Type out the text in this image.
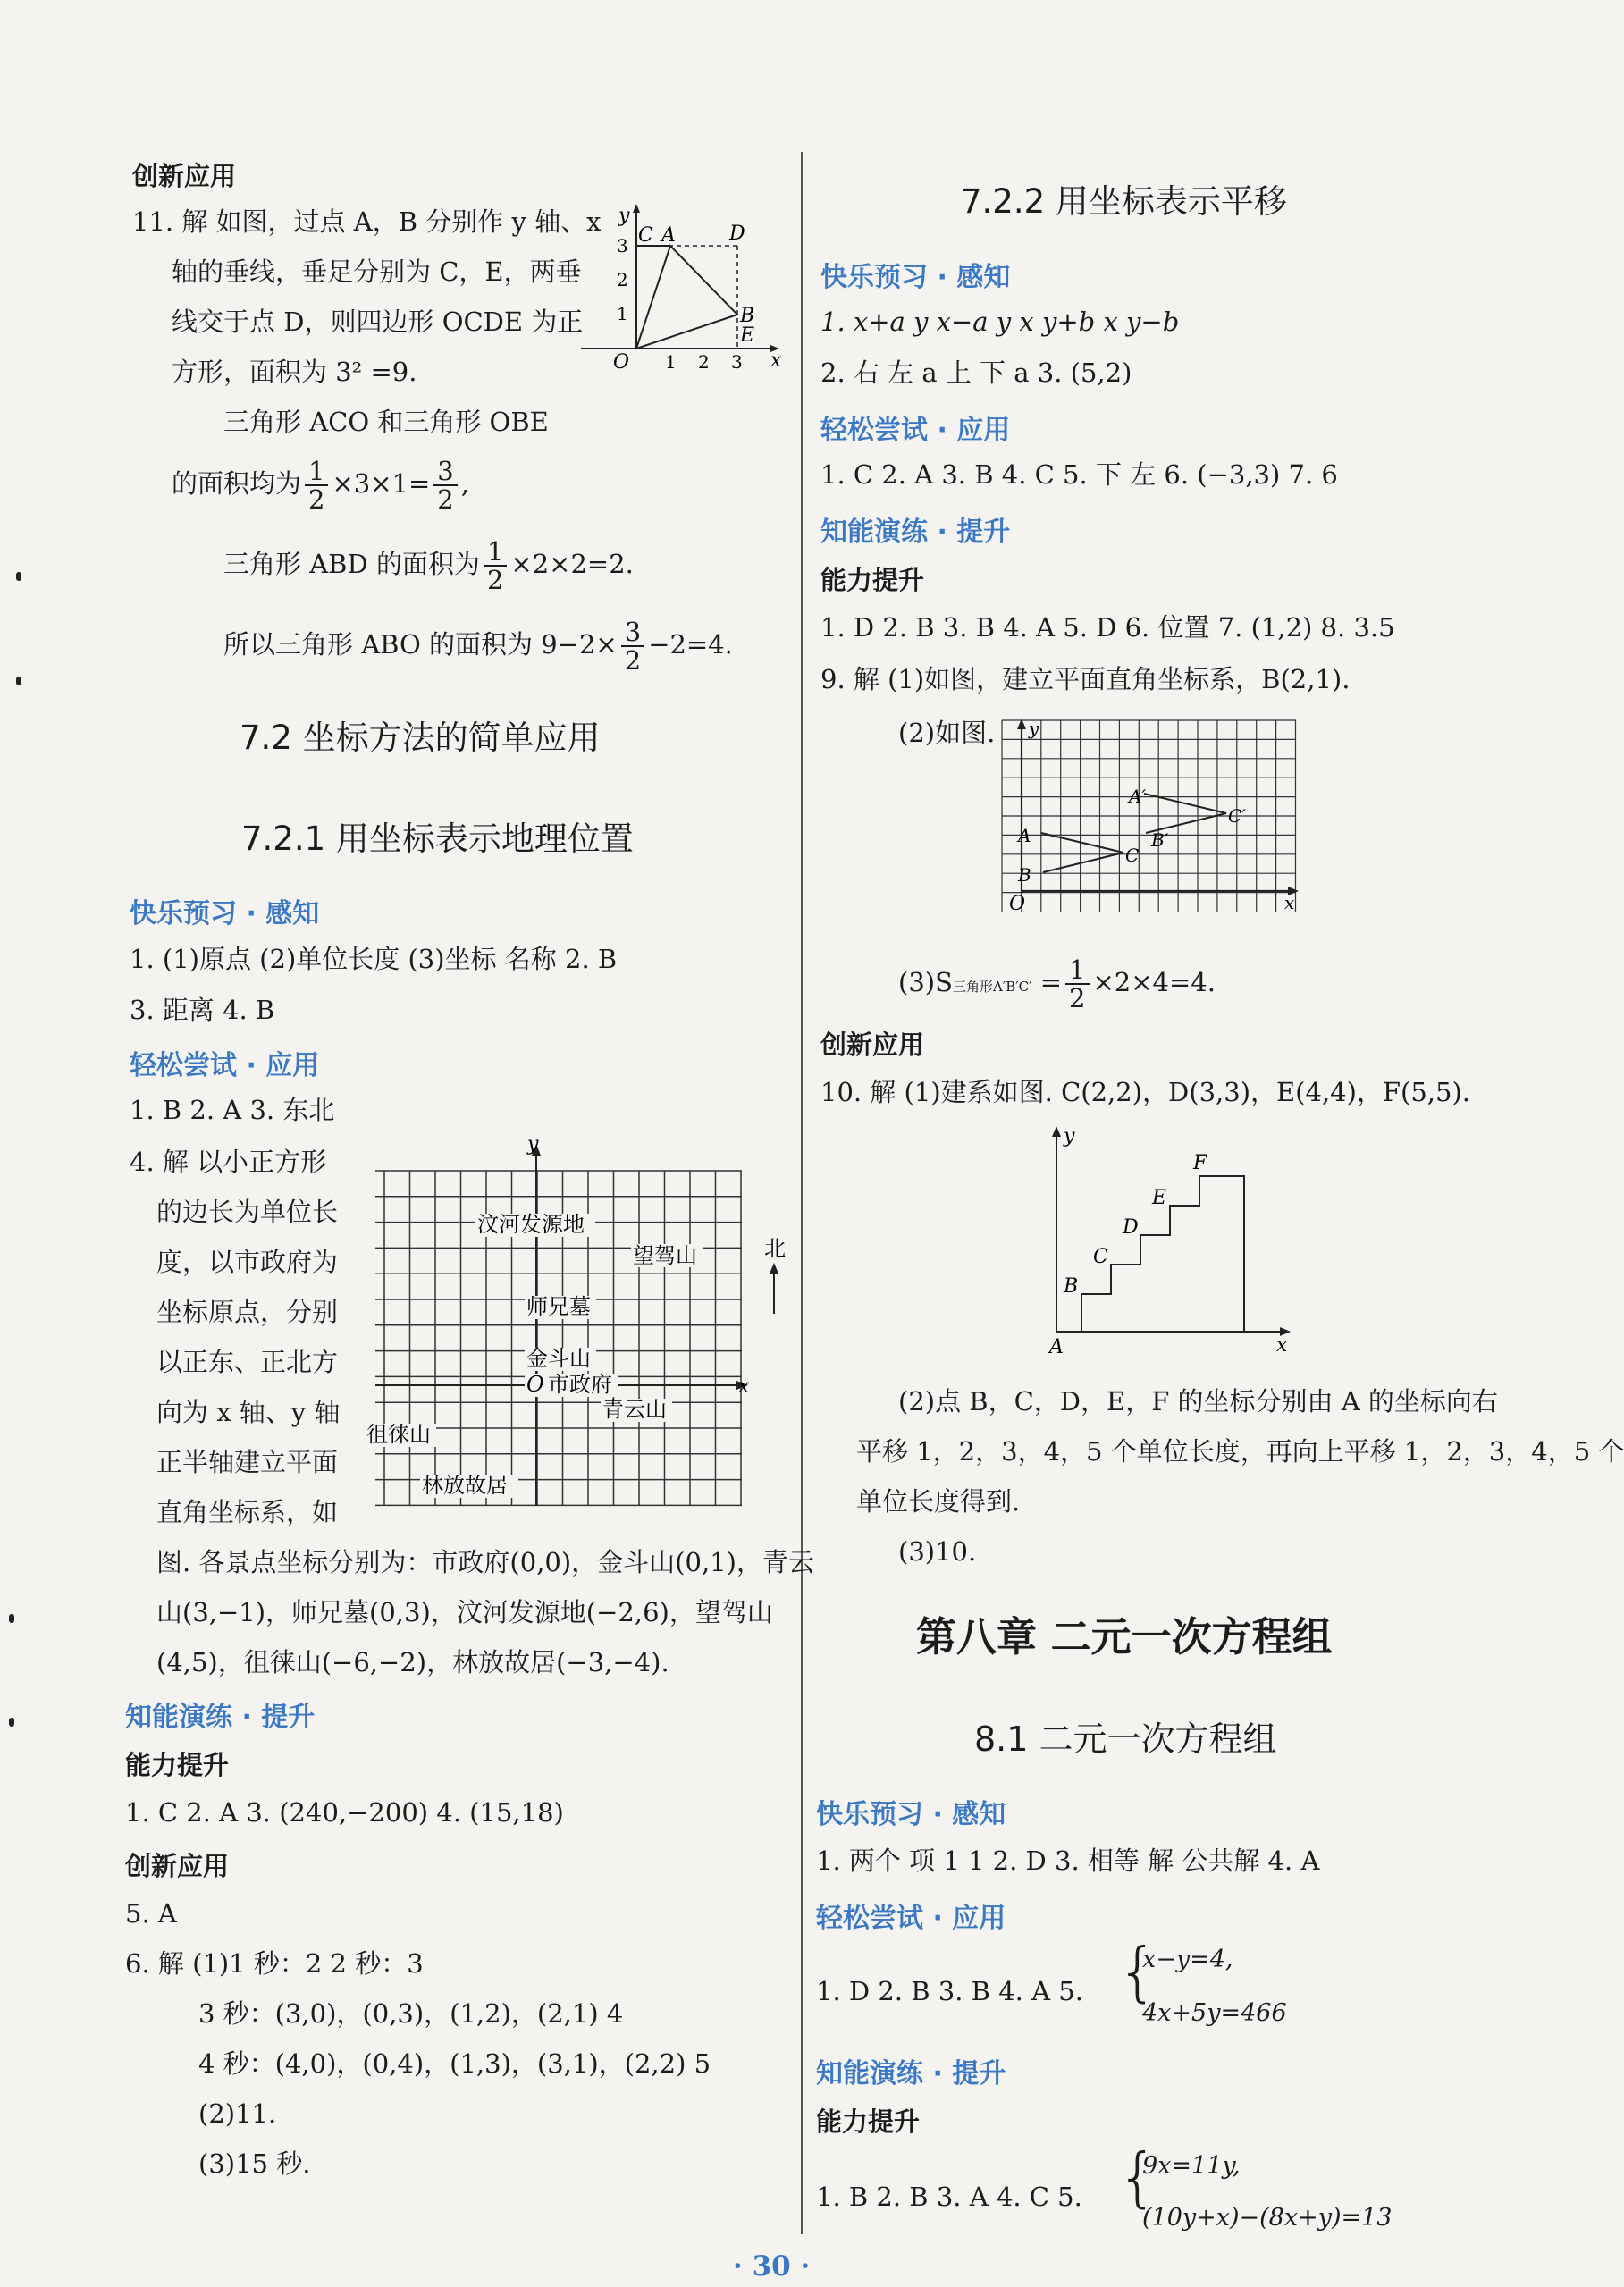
创新应用
11. 解 如图，过点 A，B 分别作 y 轴、x
轴的垂线，垂足分别为 C，E，两垂
线交于点 D，则四边形 OCDE 为正
方形，面积为 3² =9.
三角形 ACO 和三角形 OBE
的面积均为 $\frac{1}{2} \times 3\times 1= \frac{3}{2}$ ,
三角形 ABD 的面积为 $\frac{1}{2} \times 2\times 2=2$.
所以三角形 ABO 的面积为 $9-2\times \frac{3}{2} -2=4$.
y
x
C A	D
B
E
O
3
2
1
1 2 3
7.2 坐标方法的简单应用
7.2.1 用坐标表示地理位置
快乐预习 · 感知
1. (1)原点 (2)单位长度 (3)坐标 名称 2. B
3. 距离 4. B
轻松尝试 · 应用
1. B 2. A 3. 东北
4. 解 以小正方形
的边长为单位长
度，以市政府为
坐标原点，分别
以正东、正北方
向为 x 轴、y 轴
正半轴建立平面
直角坐标系，如
y
x
北
汶河发源地
望驾山
师兄墓
金斗山
O 市政府
青云山
徂徕山
林放故居
图. 各景点坐标分别为：市政府(0,0)，金斗山(0,1)，青云
山(3,−1)，师兄墓(0,3)，汶河发源地(−2,6)，望驾山
(4,5)，徂徕山(−6,−2)，林放故居(−3,−4).
知能演练 · 提升
能力提升
1. C 2. A 3. (240,−200) 4. (15,18)
创新应用
5. A
6. 解 (1)1 秒：2 2 秒：3
3 秒：(3,0)，(0,3)，(1,2)，(2,1) 4
4 秒：(4,0)，(0,4)，(1,3)，(3,1)，(2,2) 5
(2)11.
(3)15 秒.
7.2.2 用坐标表示平移
快乐预习 · 感知
1. x+a y x−a y x y+b x y−b
2. 右 左 a 上 下 a 3. (5,2)
轻松尝试 · 应用
1. C 2. A 3. B 4. C 5. 下 左 6. (−3,3) 7. 6
知能演练 · 提升
能力提升
1. D 2. B 3. B 4. A 5. D 6. 位置 7. (1,2) 8. 3.5
9. 解 (1)如图，建立平面直角坐标系，B(2,1).
(2)如图. y
x
O
A
B
C
A′
B′
C′
(3)S三角形$A'B'C' = \frac{1}{2} \times 2\times 4=4$.
创新应用
10. 解 (1)建系如图. C(2,2)，D(3,3)，E(4,4)，F(5,5).
y
x
A
B
C
D
E
F
(2)点 B，C，D，E，F 的坐标分别由 A 的坐标向右
平移 1，2，3，4，5 个单位长度，再向上平移 1，2，3，4，5 个
单位长度得到.
(3)10.
第八章 二元一次方程组
8.1 二元一次方程组
快乐预习 · 感知
1. 两个 项 1 1 2. D 3. 相等 解 公共解 4. A
轻松尝试 · 应用
1. D 2. B 3. B 4. A 5. {
x−y=4,
4x+5y=466
知能演练 · 提升
能力提升
1. B 2. B 3. A 4. C 5. {
9x=11y,
(10y+x)−(8x+y)=13
· 30 ·
